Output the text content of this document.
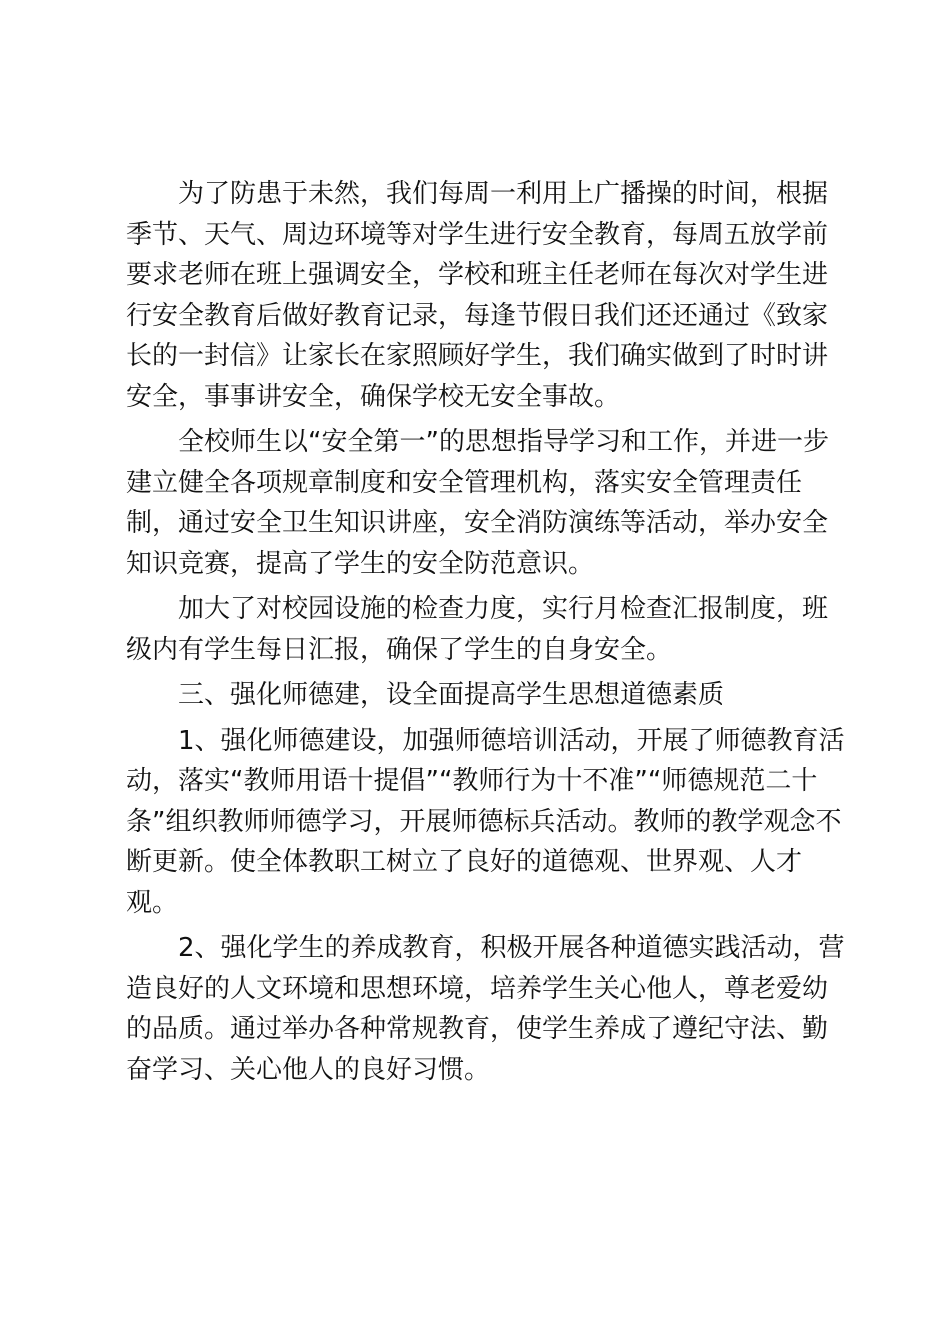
为了防患于未然，我们每周一利用上广播操的时间，根据
季节、天气、周边环境等对学生进行安全教育，每周五放学前
要求老师在班上强调安全，学校和班主任老师在每次对学生进
行安全教育后做好教育记录，每逢节假日我们还还通过《致家
长的一封信》让家长在家照顾好学生，我们确实做到了时时讲
安全，事事讲安全，确保学校无安全事故。
全校师生以“安全第一”的思想指导学习和工作，并进一步
建立健全各项规章制度和安全管理机构，落实安全管理责任
制，通过安全卫生知识讲座，安全消防演练等活动，举办安全
知识竞赛，提高了学生的安全防范意识。
加大了对校园设施的检查力度，实行月检查汇报制度，班
级内有学生每日汇报，确保了学生的自身安全。
三、强化师德建，设全面提高学生思想道德素质
1、强化师德建设，加强师德培训活动，开展了师德教育活
动，落实“教师用语十提倡”“教师行为十不准”“师德规范二十
条”组织教师师德学习，开展师德标兵活动。教师的教学观念不
断更新。使全体教职工树立了良好的道德观、世界观、人才
观。
2、强化学生的养成教育，积极开展各种道德实践活动，营
造良好的人文环境和思想环境，培养学生关心他人，尊老爱幼
的品质。通过举办各种常规教育，使学生养成了遵纪守法、勤
奋学习、关心他人的良好习惯。
